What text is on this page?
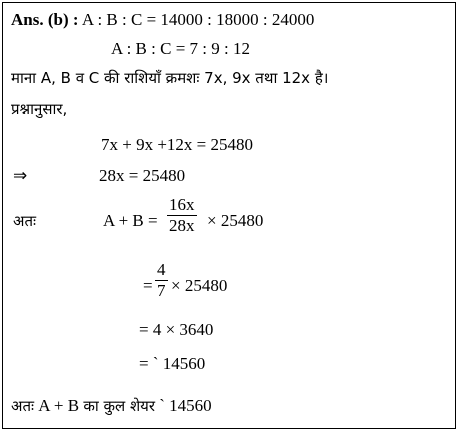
Ans. (b) : A : B : C = 14000 : 18000 : 24000
A : B : C = 7 : 9 : 12
माना A, B व C की राशियाँ क्रमशः 7x, 9x तथा 12x है।
प्रश्नानुसार,
7x + 9x +12x = 25480
⇒	28x = 25480
अतः	A + B =
16x
28x × 25480
=
4
7 × 25480
= 4 × 3640
= ` 14560
अतः A + B का कुल शेयर ` 14560
